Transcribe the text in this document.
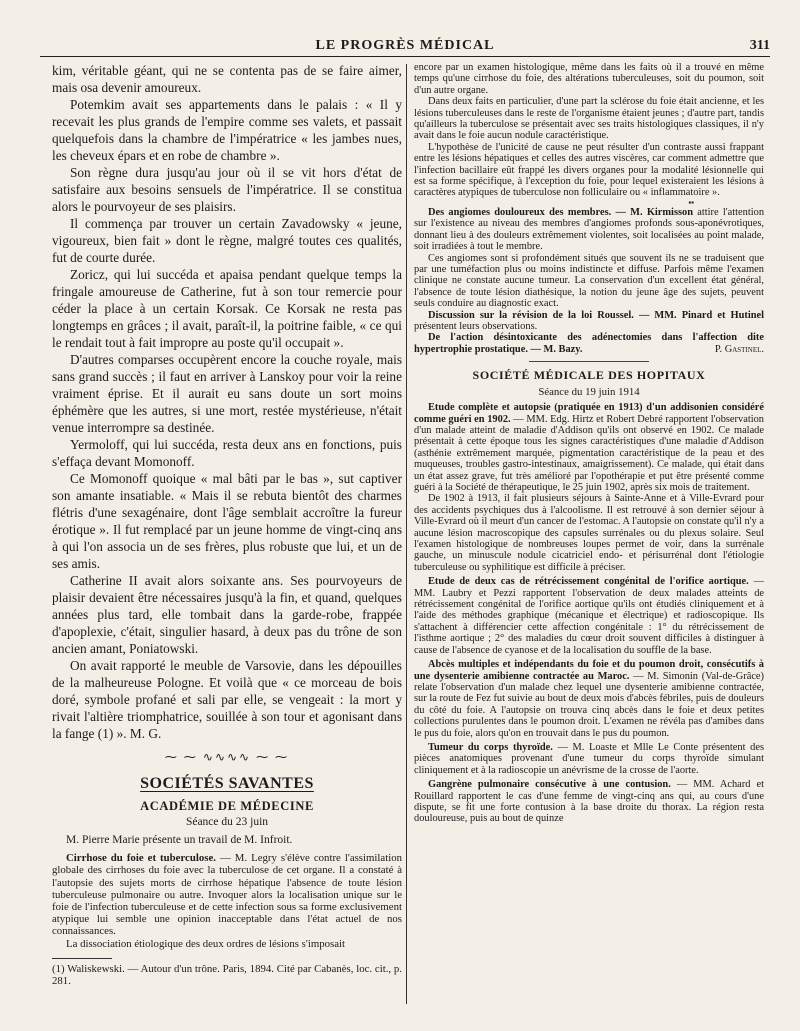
LE PROGRÈS MÉDICAL	311

kim, véritable géant, qui ne se contenta pas de se faire aimer, mais osa devenir amoureux.

Potemkim avait ses appartements dans le palais : « Il y recevait les plus grands de l'empire comme ses valets, et passait quelquefois dans la chambre de l'impératrice « les jambes nues, les cheveux épars et en robe de chambre ».

Son règne dura jusqu'au jour où il se vit hors d'état de satisfaire aux besoins sensuels de l'impératrice. Il se constitua alors le pourvoyeur de ses plaisirs.

Il commença par trouver un certain Zavadowsky « jeune, vigoureux, bien fait » dont le règne, malgré toutes ces qualités, fut de courte durée.

Zoricz, qui lui succéda et apaisa pendant quelque temps la fringale amoureuse de Catherine, fut à son tour remercie pour céder la place à un certain Korsak. Ce Korsak ne resta pas longtemps en grâces ; il avait, paraît-il, la poitrine faible, « ce qui le rendait tout à fait impropre au poste qu'il occupait ».

D'autres comparses occupèrent encore la couche royale, mais sans grand succès ; il faut en arriver à Lanskoy pour voir la reine vraiment éprise. Et il aurait eu sans doute un sort moins éphémère que les autres, si une mort, restée mystérieuse, n'était venue interrompre sa destinée.

Yermoloff, qui lui succéda, resta deux ans en fonctions, puis s'effaça devant Momonoff.

Ce Momonoff quoique « mal bâti par le bas », sut captiver son amante insatiable. « Mais il se rebuta bientôt des charmes flétris d'une sexagénaire, dont l'âge semblait accroître la fureur érotique ». Il fut remplacé par un jeune homme de vingt-cinq ans à qui l'on associa un de ses frères, plus robuste que lui, et un de ses amis.

Catherine II avait alors soixante ans. Ses pourvoyeurs de plaisir devaient être nécessaires jusqu'à la fin, et quand, quelques années plus tard, elle tombait dans la garde-robe, frappée d'apoplexie, c'était, singulier hasard, à deux pas du trône de son ancien amant, Poniatowski.

On avait rapporté le meuble de Varsovie, dans les dépouilles de la malheureuse Pologne. Et voilà que « ce morceau de bois doré, symbole profané et sali par elle, se vengeait : la mort y rivait l'altière triomphatrice, souillée à son tour et agonisant dans la fange (1) ». M. G.

⁓ ⁓ ∿∿∿∿ ⁓ ⁓
SOCIÉTÉS SAVANTES
ACADÉMIE DE MÉDECINE
Séance du 23 juin

M. Pierre Marie présente un travail de M. Infroit.

Cirrhose du foie et tuberculose. — M. Legry s'élève contre l'assimilation globale des cirrhoses du foie avec la tuberculose de cet organe. Il a constaté à l'autopsie des sujets morts de cirrhose hépatique l'absence de toute lésion tuberculeuse pulmonaire ou autre. Invoquer alors la localisation unique sur le foie de l'infection tuberculeuse et de cette infection sous sa forme exclusivement atypique lui semble une opinion inacceptable dans l'état actuel de nos connaissances.

La dissociation étiologique des deux ordres de lésions s'imposait

(1) Waliskewski. — Autour d'un trône. Paris, 1894. Cité par Cabanès, loc. cit., p. 281.

encore par un examen histologique, même dans les faits où il a trouvé en même temps qu'une cirrhose du foie, des altérations tuberculeuses, soit du poumon, soit d'un autre organe.

Dans deux faits en particulier, d'une part la sclérose du foie était ancienne, et les lésions tuberculeuses dans le reste de l'organisme étaient jeunes ; d'autre part, tandis qu'ailleurs la tuberculose se présentait avec ses traits histologiques classiques, il n'y avait dans le foie aucun nodule caractéristique.

L'hypothèse de l'unicité de cause ne peut résulter d'un contraste aussi frappant entre les lésions hépatiques et celles des autres viscères, car comment admettre que l'infection bacillaire eût frappé les divers organes pour la modalité lésionnelle qui est sa forme spécifique, à l'exception du foie, pour lequel existeraient les lésions à caractères atypiques de tuberculose non folliculaire ou « inflammatoire ».

▪▪

Des angiomes douloureux des membres. — M. Kirmisson attire l'attention sur l'existence au niveau des membres d'angiomes profonds sous-aponévrotiques, donnant lieu à des douleurs extrêmement violentes, soit localisées au point malade, soit irradiées à tout le membre.

Ces angiomes sont si profondément situés que souvent ils ne se traduisent que par une tuméfaction plus ou moins indistincte et diffuse. Parfois même l'examen clinique ne constate aucune tumeur. La conservation d'un excellent état général, l'absence de toute lésion diathésique, la notion du jeune âge des sujets, peuvent seuls conduire au diagnostic exact.

Discussion sur la révision de la loi Roussel. — MM. Pinard et Hutinel présentent leurs observations.

De l'action désintoxicante des adénectomies dans l'affection dite hypertrophie prostatique. — M. Bazy.	P. Gastinel.

SOCIÉTÉ MÉDICALE DES HOPITAUX
Séance du 19 juin 1914

Etude complète et autopsie (pratiquée en 1913) d'un addisonien considéré comme guéri en 1902. — MM. Edg. Hirtz et Robert Debré rapportent l'observation d'un malade atteint de maladie d'Addison qu'ils ont observé en 1902. Ce malade présentait à cette époque tous les signes caractéristiques d'une maladie d'Addison (asthénie extrêmement marquée, pigmentation caractéristique de la peau et des muqueuses, troubles gastro-intestinaux, amaigrissement). Ce malade, qui était dans un état assez grave, fut très amélioré par l'opothérapie et put être présenté comme guéri à la Société de thérapeutique, le 25 juin 1902, après six mois de traitement.

De 1902 à 1913, il fait plusieurs séjours à Sainte-Anne et à Ville-Evrard pour des accidents psychiques dus à l'alcoolisme. Il est retrouvé à son dernier séjour à Ville-Evrard où il meurt d'un cancer de l'estomac. A l'autopsie on constate qu'il n'y a aucune lésion macroscopique des capsules surrénales ou du plexus solaire. Seul l'examen histologique de nombreuses loupes permet de voir, dans la surrénale gauche, un minuscule nodule cicatriciel endo- et périsurrénal dont l'étiologie tuberculeuse ou syphilitique est difficile à préciser.

Etude de deux cas de rétrécissement congénital de l'orifice aortique. — MM. Laubry et Pezzi rapportent l'observation de deux malades atteints de rétrécissement congénital de l'orifice aortique qu'ils ont étudiés cliniquement et à l'aide des méthodes graphique (mécanique et électrique) et radioscopique. Ils s'attachent à différencier cette affection congénitale : 1° du rétrécissement de l'isthme aortique ; 2° des maladies du cœur droit souvent difficiles à distinguer à cause de l'absence de cyanose et de la localisation du souffle de la base.

Abcès multiples et indépendants du foie et du poumon droit, consécutifs à une dysenterie amibienne contractée au Maroc. — M. Simonin (Val-de-Grâce) relate l'observation d'un malade chez lequel une dysenterie amibienne contractée, sur la route de Fez fut suivie au bout de deux mois d'abcès fébriles, puis de douleurs du côté du foie. A l'autopsie on trouva cinq abcès dans le foie et deux petites collections purulentes dans le poumon droit. L'examen ne révéla pas d'amibes dans le pus du foie, alors qu'on en trouvait dans le pus du poumon.

Tumeur du corps thyroïde. — M. Loaste et Mlle Le Conte présentent des pièces anatomiques provenant d'une tumeur du corps thyroïde simulant cliniquement et à la radioscopie un anévrisme de la crosse de l'aorte.

Gangrène pulmonaire consécutive à une contusion. — MM. Achard et Rouillard rapportent le cas d'une femme de vingt-cinq ans qui, au cours d'une dispute, se fit une forte contusion à la base droite du thorax. La région resta douloureuse, puis au bout de quinze
